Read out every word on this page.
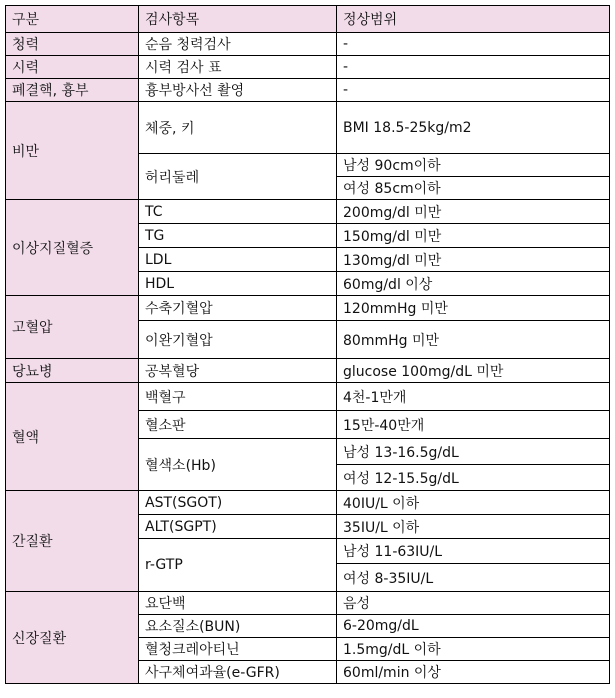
구분	검사항목	정상범위
청력	순음 청력검사	-
시력	시력 검사 표	-
폐결핵, 흉부	흉부방사선 촬영	-
비만	체중, 키	BMI 18.5-25kg/m2
	허리둘레	남성 90cm이하
		여성 85cm이하
이상지질혈증	TC	200mg/dl 미만
	TG	150mg/dl 미만
	LDL	130mg/dl 미만
	HDL	60mg/dl 이상
고혈압	수축기혈압	120mmHg 미만
	이완기혈압	80mmHg 미만
당뇨병	공복혈당	glucose 100mg/dL 미만
혈액	백혈구	4천-1만개
	혈소판	15만-40만개
	혈색소(Hb)	남성 13-16.5g/dL
		여성 12-15.5g/dL
간질환	AST(SGOT)	40IU/L 이하
	ALT(SGPT)	35IU/L 이하
	r-GTP	남성 11-63IU/L
		여성 8-35IU/L
신장질환	요단백	음성
	요소질소(BUN)	6-20mg/dL
	혈청크레아티닌	1.5mg/dL 이하
	사구체여과율(e-GFR)	60ml/min 이상
